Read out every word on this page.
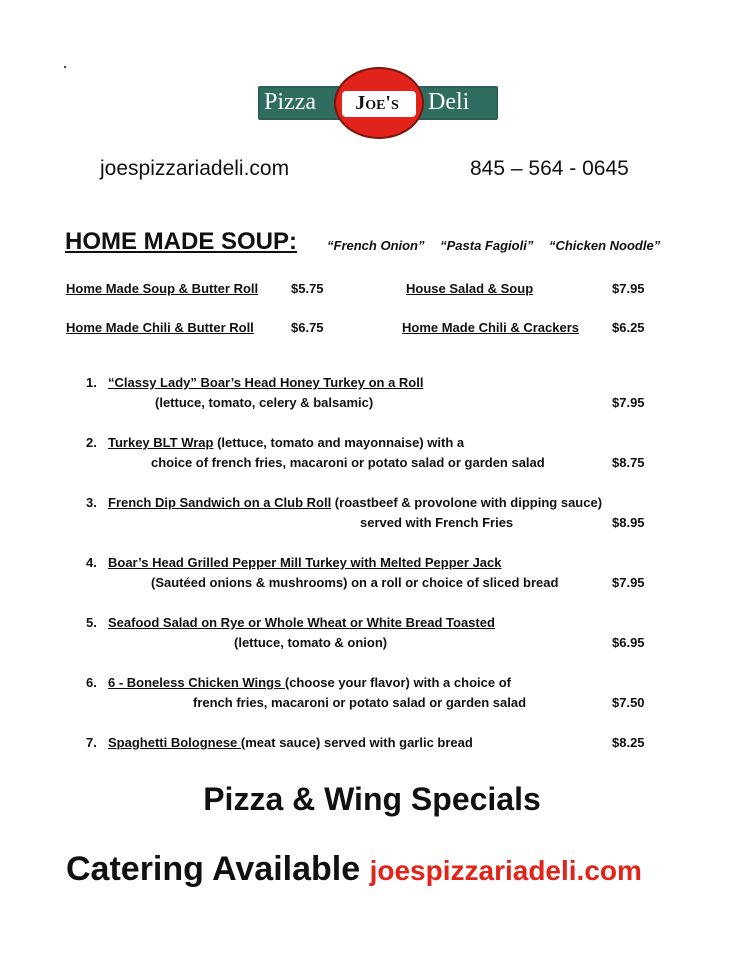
Pizza	Joe's	Deli
joespizzariadeli.com	845 – 564 - 0645
HOME MADE SOUP: “French Onion” “Pasta Fagioli” “Chicken Noodle”
Home Made Soup & Butter Roll	$5.75	House Salad & Soup	$7.95
Home Made Chili & Butter Roll	$6.75	Home Made Chili & Crackers	$6.25
1. “Classy Lady” Boar’s Head Honey Turkey on a Roll
(lettuce, tomato, celery & balsamic)	$7.95
2. Turkey BLT Wrap (lettuce, tomato and mayonnaise) with a
choice of french fries, macaroni or potato salad or garden salad	$8.75
3. French Dip Sandwich on a Club Roll (roastbeef & provolone with dipping sauce)
served with French Fries	$8.95
4. Boar’s Head Grilled Pepper Mill Turkey with Melted Pepper Jack
(Sautéed onions & mushrooms) on a roll or choice of sliced bread	$7.95
5. Seafood Salad on Rye or Whole Wheat or White Bread Toasted
(lettuce, tomato & onion)	$6.95
6. 6 - Boneless Chicken Wings (choose your flavor) with a choice of
french fries, macaroni or potato salad or garden salad	$7.50
7. Spaghetti Bolognese (meat sauce) served with garlic bread	$8.25
Pizza & Wing Specials
Catering Available joespizzariadeli.com
